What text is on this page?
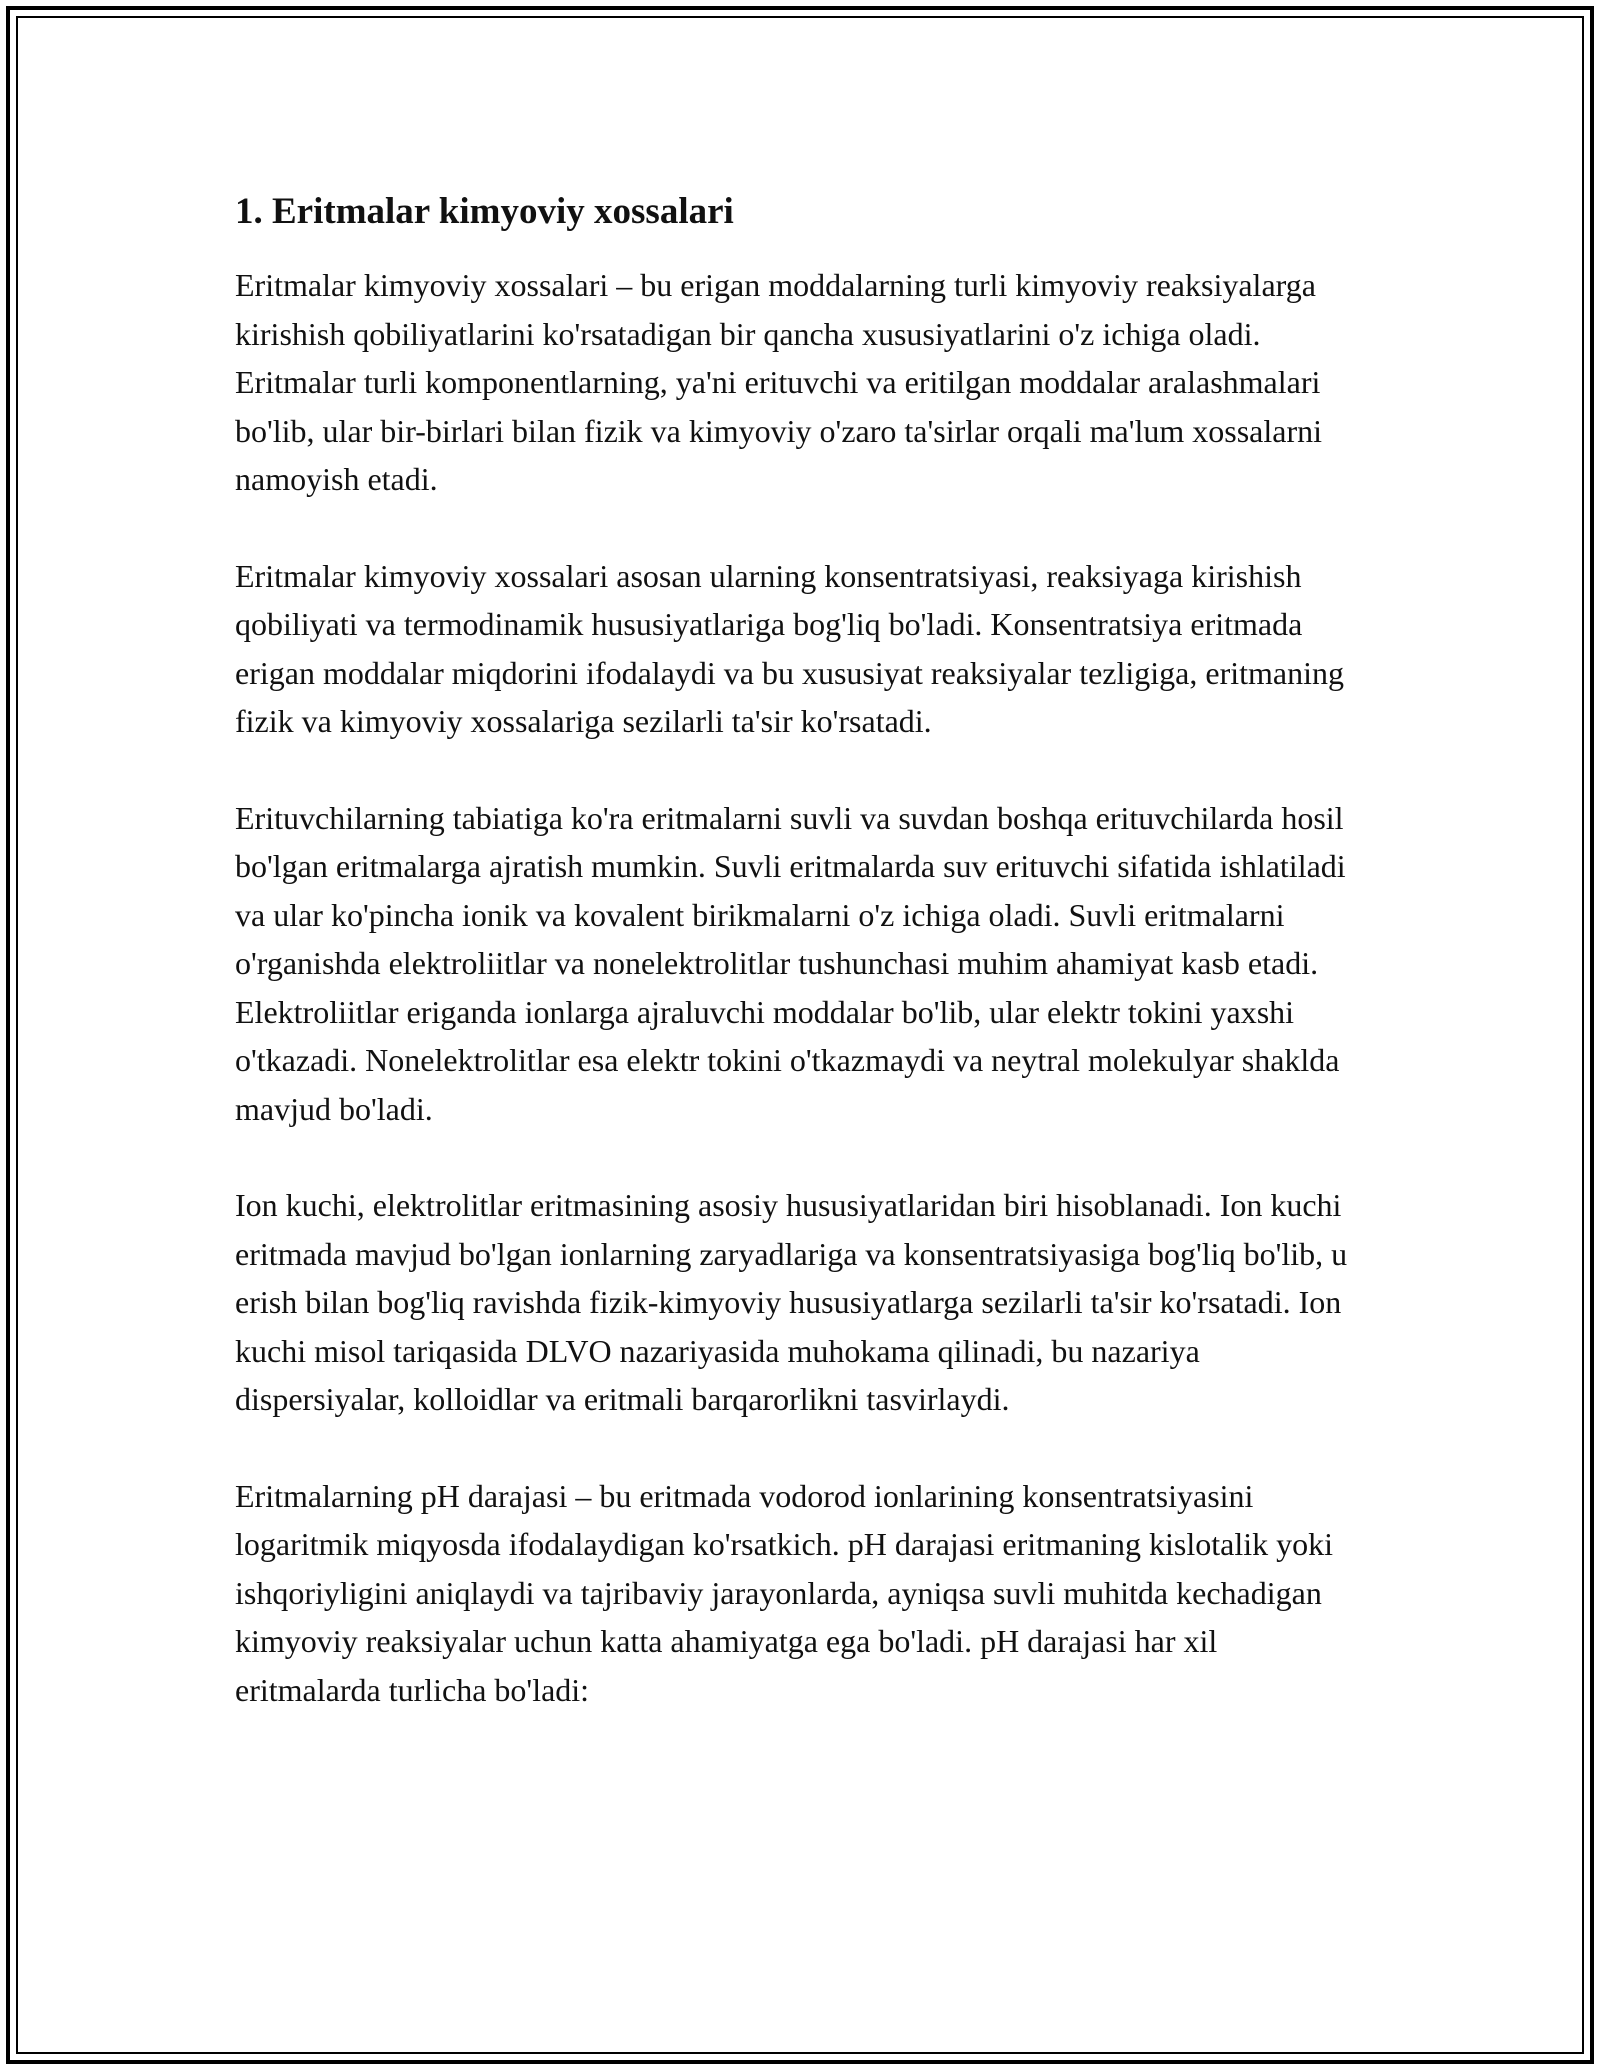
1. Eritmalar kimyoviy xossalari

Eritmalar kimyoviy xossalari – bu erigan moddalarning turli kimyoviy reaksiyalarga kirishish qobiliyatlarini ko'rsatadigan bir qancha xususiyatlarini o'z ichiga oladi. Eritmalar turli komponentlarning, ya'ni erituvchi va eritilgan moddalar aralashmalari bo'lib, ular bir-birlari bilan fizik va kimyoviy o'zaro ta'sirlar orqali ma'lum xossalarni namoyish etadi.

Eritmalar kimyoviy xossalari asosan ularning konsentratsiyasi, reaksiyaga kirishish qobiliyati va termodinamik hususiyatlariga bog'liq bo'ladi. Konsentratsiya eritmada erigan moddalar miqdorini ifodalaydi va bu xususiyat reaksiyalar tezligiga, eritmaning fizik va kimyoviy xossalariga sezilarli ta'sir ko'rsatadi.

Erituvchilarning tabiatiga ko'ra eritmalarni suvli va suvdan boshqa erituvchilarda hosil bo'lgan eritmalarga ajratish mumkin. Suvli eritmalarda suv erituvchi sifatida ishlatiladi va ular ko'pincha ionik va kovalent birikmalarni o'z ichiga oladi. Suvli eritmalarni o'rganishda elektroliitlar va nonelektrolitlar tushunchasi muhim ahamiyat kasb etadi. Elektroliitlar eriganda ionlarga ajraluvchi moddalar bo'lib, ular elektr tokini yaxshi o'tkazadi. Nonelektrolitlar esa elektr tokini o'tkazmaydi va neytral molekulyar shaklda mavjud bo'ladi.

Ion kuchi, elektrolitlar eritmasining asosiy hususiyatlaridan biri hisoblanadi. Ion kuchi eritmada mavjud bo'lgan ionlarning zaryadlariga va konsentratsiyasiga bog'liq bo'lib, u erish bilan bog'liq ravishda fizik-kimyoviy hususiyatlarga sezilarli ta'sir ko'rsatadi. Ion kuchi misol tariqasida DLVO nazariyasida muhokama qilinadi, bu nazariya dispersiyalar, kolloidlar va eritmali barqarorlikni tasvirlaydi.

Eritmalarning pH darajasi – bu eritmada vodorod ionlarining konsentratsiyasini logaritmik miqyosda ifodalaydigan ko'rsatkich. pH darajasi eritmaning kislotalik yoki ishqoriyligini aniqlaydi va tajribaviy jarayonlarda, ayniqsa suvli muhitda kechadigan kimyoviy reaksiyalar uchun katta ahamiyatga ega bo'ladi. pH darajasi har xil eritmalarda turlicha bo'ladi:
